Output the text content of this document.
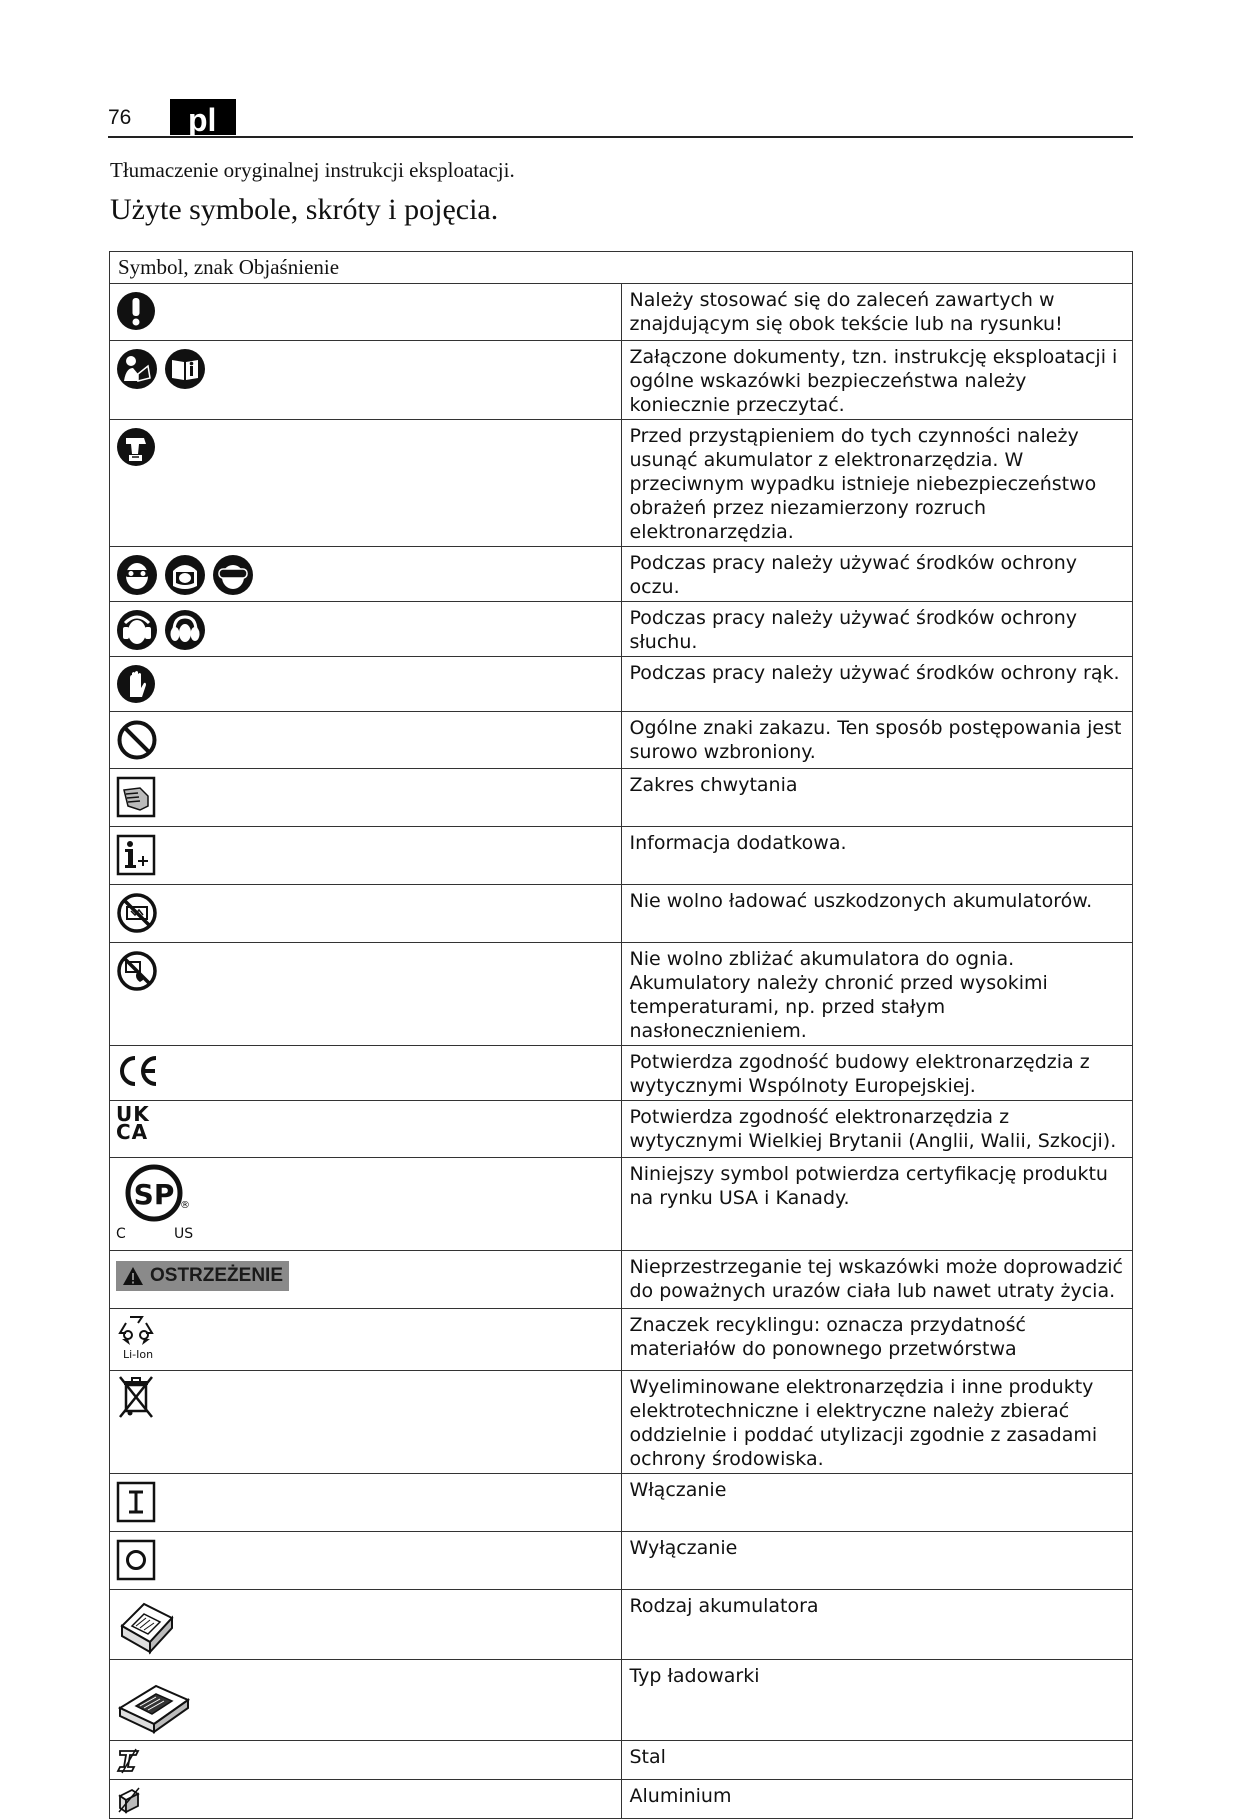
76	pl
Tłumaczenie oryginalnej instrukcji eksploatacji.
Użyte symbole, skróty i pojęcia.
Symbol, znak Objaśnienie	

	Należy stosować się do zaleceń zawartych w znajdującym się obok tekście lub na rysunku!

	Załączone dokumenty, tzn. instrukcję eksploatacji i ogólne wskazówki bezpieczeństwa należy koniecznie przeczytać.

	Przed przystąpieniem do tych czynności należy usunąć akumulator z elektronarzędzia. W przeciwnym wypadku istnieje niebezpieczeństwo obrażeń przez niezamierzony rozruch elektronarzędzia.

	Podczas pracy należy używać środków ochrony oczu.

	Podczas pracy należy używać środków ochrony słuchu.

	Podczas pracy należy używać środków ochrony rąk.

	Ogólne znaki zakazu. Ten sposób postępowania jest surowo wzbroniony.

	Zakres chwytania

	Informacja dodatkowa.

	Nie wolno ładować uszkodzonych akumulatorów.

	Nie wolno zbliżać akumulatora do ognia. Akumulatory należy chronić przed wysokimi temperaturami, np. przed stałym nasłonecznieniem.

	Potwierdza zgodność budowy elektronarzędzia z wytycznymi Wspólnoty Europejskiej.

UK
CA	Potwierdza zgodność elektronarzędzia z wytycznymi Wielkiej Brytanii (Anglii, Walii, Szkocji).

SP ®
C US	Niniejszy symbol potwierdza certyfikację produktu na rynku USA i Kanady.

OSTRZEŻENIE	Nieprzestrzeganie tej wskazówki może doprowadzić do poważnych urazów ciała lub nawet utraty życia.

Li-Ion	Znaczek recyklingu: oznacza przydatność materiałów do ponownego przetwórstwa

	Wyeliminowane elektronarzędzia i inne produkty elektrotechniczne i elektryczne należy zbierać oddzielnie i poddać utylizacji zgodnie z zasadami ochrony środowiska.

	Włączanie

	Wyłączanie

	Rodzaj akumulatora

	Typ ładowarki

	Stal

	Aluminium
